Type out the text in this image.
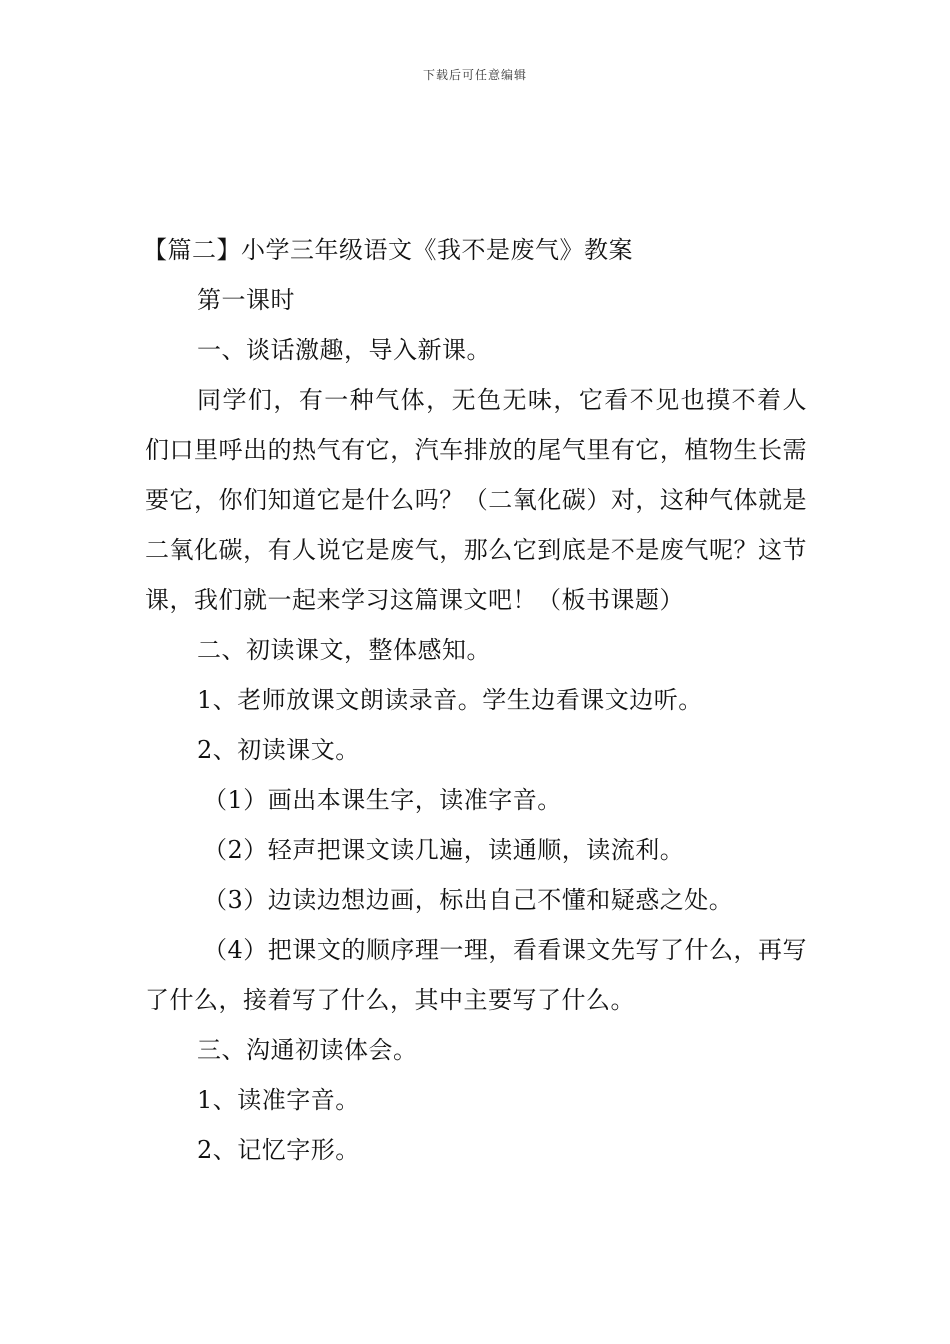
下载后可任意编辑

【篇二】小学三年级语文《我不是废气》教案

第一课时

一、谈话激趣，导入新课。

同学们，有一种气体，无色无味，它看不见也摸不着人们口里呼出的热气有它，汽车排放的尾气里有它，植物生长需要它，你们知道它是什么吗？（二氧化碳）对，这种气体就是二氧化碳，有人说它是废气，那么它到底是不是废气呢？这节课，我们就一起来学习这篇课文吧！（板书课题）

二、初读课文，整体感知。

1、老师放课文朗读录音。学生边看课文边听。

2、初读课文。

（1）画出本课生字，读准字音。

（2）轻声把课文读几遍，读通顺，读流利。

（3）边读边想边画，标出自己不懂和疑惑之处。

（4）把课文的顺序理一理，看看课文先写了什么，再写了什么，接着写了什么，其中主要写了什么。

三、沟通初读体会。

1、读准字音。

2、记忆字形。
